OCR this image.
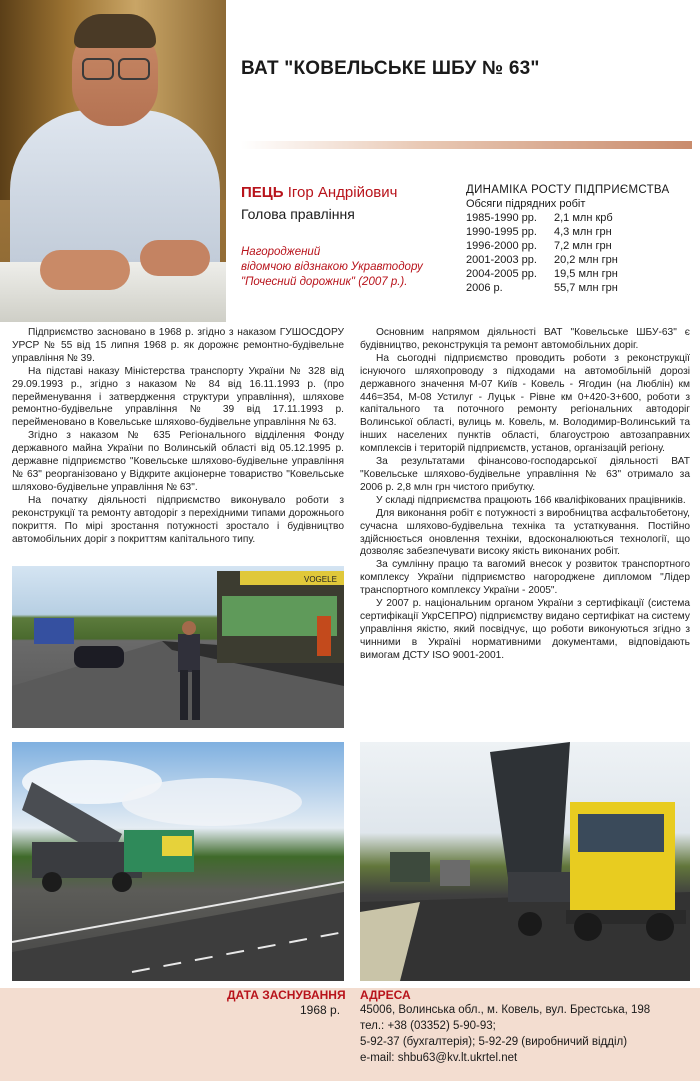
ВАТ "КОВЕЛЬСЬКЕ ШБУ № 63"
ПЕЦЬ Ігор Андрійович
Голова правління
Нагороджений
відомчою відзнакою Укравтодору
"Почесний дорожник" (2007 р.).
ДИНАМІКА РОСТУ ПІДПРИЄМСТВА
Обсяги підрядних робіт
1985-1990 рр. 2,1 млн крб
1990-1995 рр. 4,3 млн грн
1996-2000 рр. 7,2 млн грн
2001-2003 рр. 20,2 млн грн
2004-2005 рр. 19,5 млн грн
2006 р.	55,7 млн грн

Підприємство засновано в 1968 р. згідно з наказом ГУШОСДОРУ УРСР № 55 від 15 липня 1968 р. як дорожнє ремонтно-будівельне управління № 39.

На підставі наказу Міністерства транспорту України № 328 від 29.09.1993 р., згідно з наказом № 84 від 16.11.1993 р. (про перейменування і затвердження структури управління), шляхове ремонтно-будівельне управління № 39 від 17.11.1993 р. перейменовано в Ковельське шляхово-будівельне управління № 63.

Згідно з наказом № 635 Регіонального відділення Фонду державного майна України по Волинській області від 05.12.1995 р. державне підприємство "Ковельське шляхово-будівельне управління № 63" реорганізовано у Відкрите акціонерне товариство "Ковельське шляхово-будівельне управління № 63".

На початку діяльності підприємство виконувало роботи з реконструкції та ремонту автодоріг з перехідними типами дорожнього покриття. По мірі зростання потужності зростало і будівництво автомобільних доріг з покриттям капітального типу.

Основним напрямом діяльності ВАТ "Ковельське ШБУ-63" є будівництво, реконструкція та ремонт автомобільних доріг.

На сьогодні підприємство проводить роботи з реконструкції існуючого шляхопроводу з підходами на автомобільній дорозі державного значення М-07 Київ - Ковель - Ягодин (на Люблін) км 446=354, М-08 Устилуг - Луцьк - Рівне км 0+420-3+600, роботи з капітального та поточного ремонту регіональних автодоріг Волинської області, вулиць м. Ковель, м. Володимир-Волинський та інших населених пунктів області, благоустрою автозаправних комплексів і територій підприємств, установ, організацій регіону.

За результатами фінансово-господарської діяльності ВАТ "Ковельське шляхово-будівельне управління № 63" отримало за 2006 р. 2,8 млн грн чистого прибутку.

У складі підприємства працюють 166 кваліфікованих працівників.

Для виконання робіт є потужності з виробництва асфальтобетону, сучасна шляхово-будівельна техніка та устаткування. Постійно здійснюється оновлення техніки, вдосконалюються технології, що дозволяє забезпечувати високу якість виконаних робіт.

За сумлінну працю та вагомий внесок у розвиток транспортного комплексу України підприємство нагороджене дипломом "Лідер транспортного комплексу України - 2005".

У 2007 р. національним органом України з сертифікації (система сертифікації УкрСЕПРО) підприємству видано сертифікат на систему управління якістю, який посвідчує, що роботи виконуються згідно з чинними в Україні нормативними документами, відповідають вимогам ДСТУ ISO 9001-2001.

VOGELE
ДАТА ЗАСНУВАННЯ
1968 р.
АДРЕСА
45006, Волинська обл., м. Ковель, вул. Брестська, 198
тел.: +38 (03352) 5-90-93;
5-92-37 (бухгалтерія); 5-92-29 (виробничий відділ)
e-mail: shbu63@kv.lt.ukrtel.net
